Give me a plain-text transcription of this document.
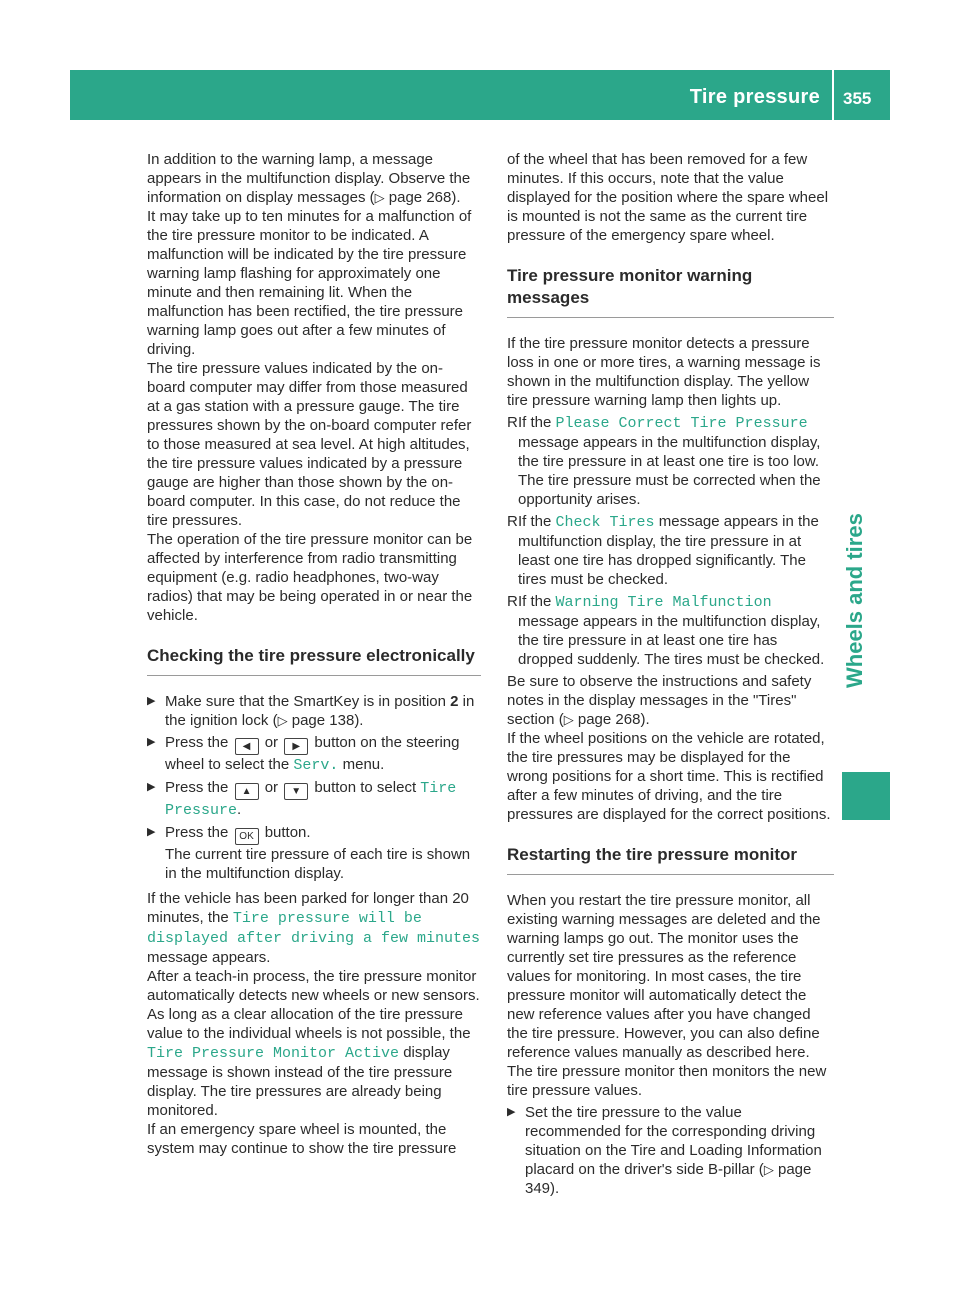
Tire pressure 355
Wheels and tires

In addition to the warning lamp, a message appears in the multifunction display. Observe the information on display messages (▷ page 268).

It may take up to ten minutes for a malfunction of the tire pressure monitor to be indicated. A malfunction will be indicated by the tire pressure warning lamp flashing for approximately one minute and then remaining lit. When the malfunction has been rectified, the tire pressure warning lamp goes out after a few minutes of driving.

The tire pressure values indicated by the on-board computer may differ from those measured at a gas station with a pressure gauge. The tire pressures shown by the on-board computer refer to those measured at sea level. At high altitudes, the tire pressure values indicated by a pressure gauge are higher than those shown by the on-board computer. In this case, do not reduce the tire pressures.

The operation of the tire pressure monitor can be affected by interference from radio transmitting equipment (e.g. radio headphones, two-way radios) that may be being operated in or near the vehicle.

Checking the tire pressure electronically
▶ Make sure that the SmartKey is in position 2 in the ignition lock (▷ page 138).
▶ Press the ◀ or ▶ button on the steering wheel to select the Serv. menu.
▶ Press the ▲ or ▼ button to select Tire Pressure.
▶ Press the OK button.
The current tire pressure of each tire is shown in the multifunction display.

If the vehicle has been parked for longer than 20 minutes, the Tire pressure will be displayed after driving a few minutes message appears.

After a teach-in process, the tire pressure monitor automatically detects new wheels or new sensors. As long as a clear allocation of the tire pressure value to the individual wheels is not possible, the Tire Pressure Monitor Active display message is shown instead of the tire pressure display. The tire pressures are already being monitored.

If an emergency spare wheel is mounted, the system may continue to show the tire pressure

of the wheel that has been removed for a few minutes. If this occurs, note that the value displayed for the position where the spare wheel is mounted is not the same as the current tire pressure of the emergency spare wheel.

Tire pressure monitor warning messages

If the tire pressure monitor detects a pressure loss in one or more tires, a warning message is shown in the multifunction display. The yellow tire pressure warning lamp then lights up.

R If the Please Correct Tire Pressure message appears in the multifunction display, the tire pressure in at least one tire is too low. The tire pressure must be corrected when the opportunity arises.
R If the Check Tires message appears in the multifunction display, the tire pressure in at least one tire has dropped significantly. The tires must be checked.
R If the Warning Tire Malfunction message appears in the multifunction display, the tire pressure in at least one tire has dropped suddenly. The tires must be checked.

Be sure to observe the instructions and safety notes in the display messages in the "Tires" section (▷ page 268).

If the wheel positions on the vehicle are rotated, the tire pressures may be displayed for the wrong positions for a short time. This is rectified after a few minutes of driving, and the tire pressures are displayed for the correct positions.

Restarting the tire pressure monitor

When you restart the tire pressure monitor, all existing warning messages are deleted and the warning lamps go out. The monitor uses the currently set tire pressures as the reference values for monitoring. In most cases, the tire pressure monitor will automatically detect the new reference values after you have changed the tire pressure. However, you can also define reference values manually as described here. The tire pressure monitor then monitors the new tire pressure values.

▶ Set the tire pressure to the value recommended for the corresponding driving situation on the Tire and Loading Information placard on the driver's side B-pillar (▷ page 349).
